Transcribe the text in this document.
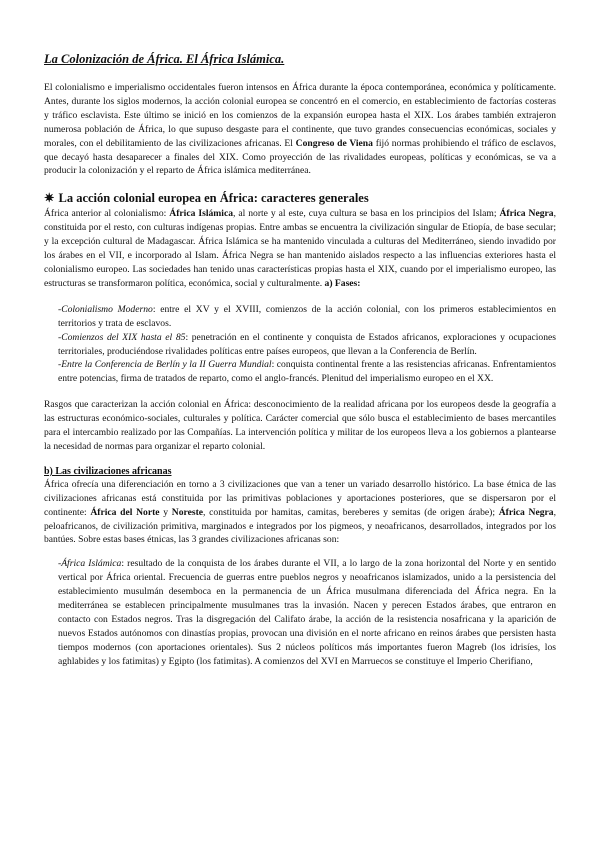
La Colonización de África. El África Islámica.

El colonialismo e imperialismo occidentales fueron intensos en África durante la época contemporánea, económica y políticamente. Antes, durante los siglos modernos, la acción colonial europea se concentró en el comercio, en establecimiento de factorías costeras y tráfico esclavista. Este último se inició en los comienzos de la expansión europea hasta el XIX. Los árabes también extrajeron numerosa población de África, lo que supuso desgaste para el continente, que tuvo grandes consecuencias económicas, sociales y morales, con el debilitamiento de las civilizaciones africanas. El Congreso de Viena fijó normas prohibiendo el tráfico de esclavos, que decayó hasta desaparecer a finales del XIX. Como proyección de las rivalidades europeas, políticas y económicas, se va a producir la colonización y el reparto de África islámica mediterránea.

✷ La acción colonial europea en África: caracteres generales

África anterior al colonialismo: África Islámica, al norte y al este, cuya cultura se basa en los principios del Islam; África Negra, constituida por el resto, con culturas indígenas propias. Entre ambas se encuentra la civilización singular de Etiopía, de base secular; y la excepción cultural de Madagascar. África Islámica se ha mantenido vinculada a culturas del Mediterráneo, siendo invadido por los árabes en el VII, e incorporado al Islam. África Negra se han mantenido aislados respecto a las influencias exteriores hasta el colonialismo europeo. Las sociedades han tenido unas características propias hasta el XIX, cuando por el imperialismo europeo, las estructuras se transformaron política, económica, social y culturalmente. a) Fases:

-Colonialismo Moderno: entre el XV y el XVIII, comienzos de la acción colonial, con los primeros establecimientos en territorios y trata de esclavos.

-Comienzos del XIX hasta el 85: penetración en el continente y conquista de Estados africanos, exploraciones y ocupaciones territoriales, produciéndose rivalidades políticas entre países europeos, que llevan a la Conferencia de Berlín.

-Entre la Conferencia de Berlín y la II Guerra Mundial: conquista continental frente a las resistencias africanas. Enfrentamientos entre potencias, firma de tratados de reparto, como el anglo-francés. Plenitud del imperialismo europeo en el XX.

Rasgos que caracterizan la acción colonial en África: desconocimiento de la realidad africana por los europeos desde la geografía a las estructuras económico-sociales, culturales y política. Carácter comercial que sólo busca el establecimiento de bases mercantiles para el intercambio realizado por las Compañías. La intervención política y militar de los europeos lleva a los gobiernos a plantearse la necesidad de normas para organizar el reparto colonial.

b) Las civilizaciones africanas

África ofrecía una diferenciación en torno a 3 civilizaciones que van a tener un variado desarrollo histórico. La base étnica de las civilizaciones africanas está constituida por las primitivas poblaciones y aportaciones posteriores, que se dispersaron por el continente: África del Norte y Noreste, constituida por hamitas, camitas, bereberes y semitas (de origen árabe); África Negra, peloafricanos, de civilización primitiva, marginados e integrados por los pigmeos, y neoafricanos, desarrollados, integrados por los bantúes. Sobre estas bases étnicas, las 3 grandes civilizaciones africanas son:

-África Islámica: resultado de la conquista de los árabes durante el VII, a lo largo de la zona horizontal del Norte y en sentido vertical por África oriental. Frecuencia de guerras entre pueblos negros y neoafricanos islamizados, unido a la persistencia del establecimiento musulmán desemboca en la permanencia de un África musulmana diferenciada del África negra. En la mediterránea se establecen principalmente musulmanes tras la invasión. Nacen y perecen Estados árabes, que entraron en contacto con Estados negros. Tras la disgregación del Califato árabe, la acción de la resistencia nosafricana y la aparición de nuevos Estados autónomos con dinastías propias, provocan una división en el norte africano en reinos árabes que persisten hasta tiempos modernos (con aportaciones orientales). Sus 2 núcleos políticos más importantes fueron Magreb (los idrisíes, los aghlabides y los fatimitas) y Egipto (los fatimitas). A comienzos del XVI en Marruecos se constituye el Imperio Cherifiano,
